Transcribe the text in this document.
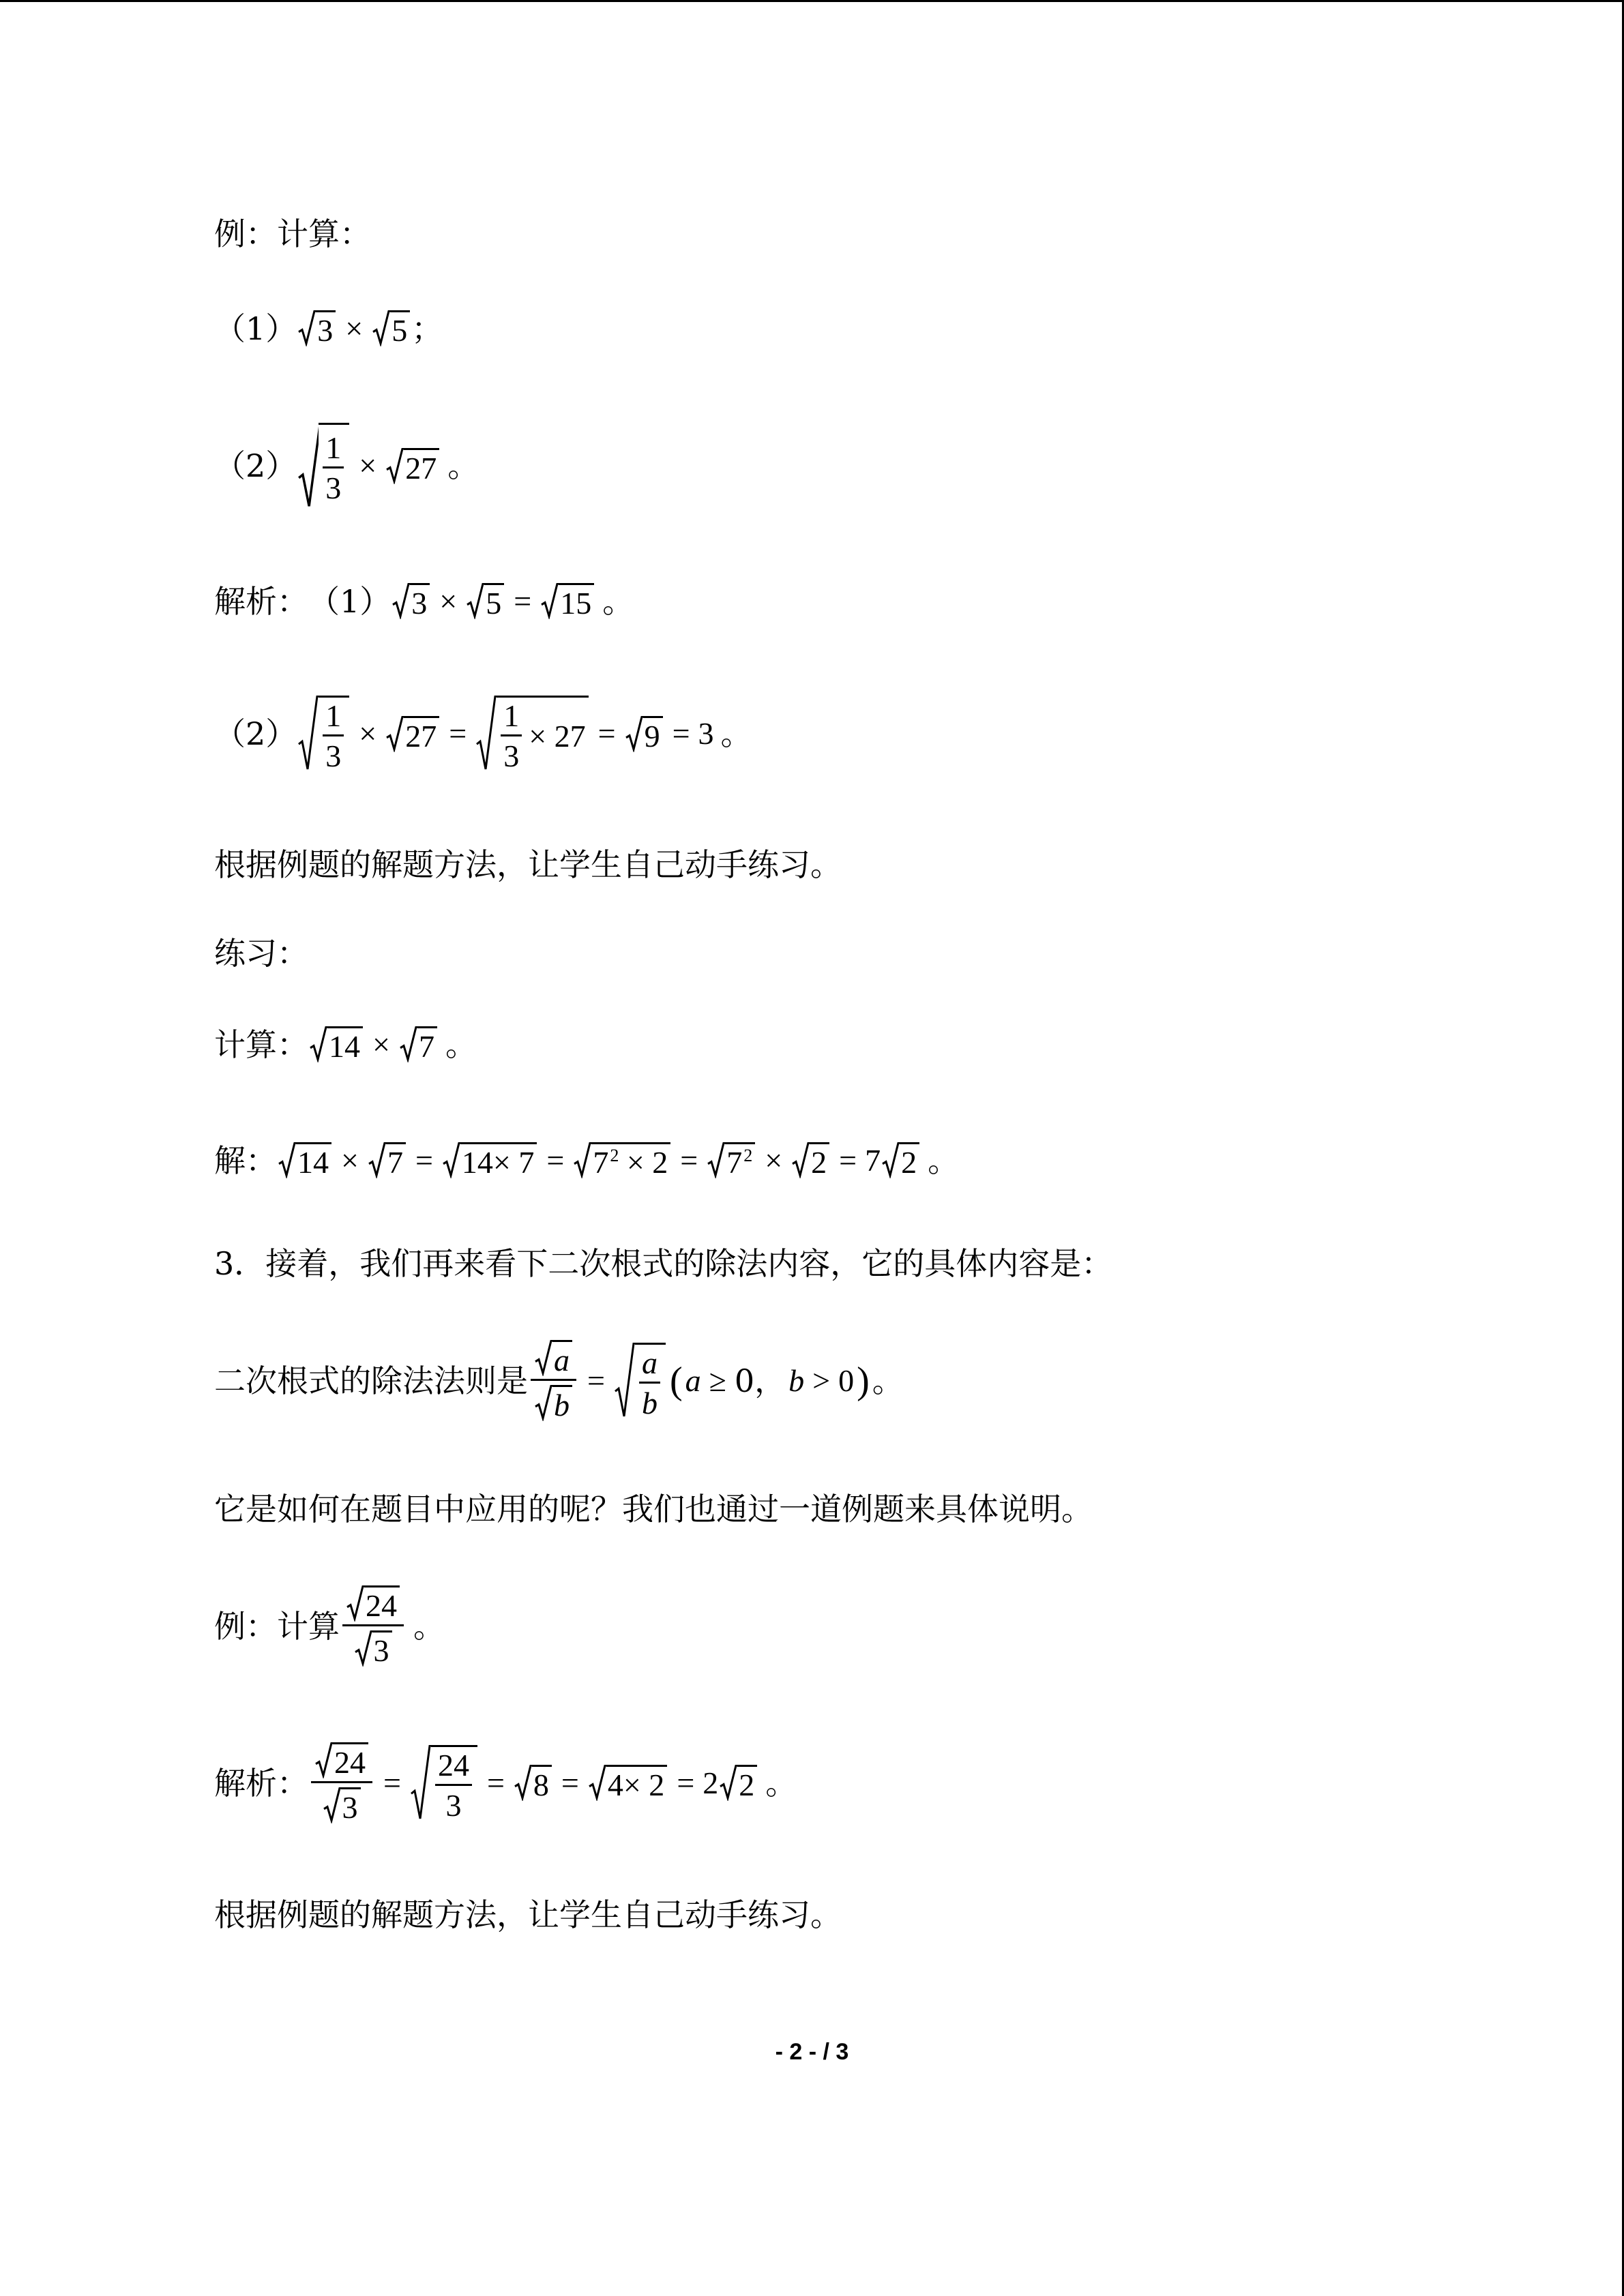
例：计算：
（1） 3 × 5 ；
$(2) \frac{1}{3} \times 27$ 。
解析： （1） 3 × 5 = 15 。
$(2) \frac{1}{3} \times 27 = \frac{1}{3} \times 27 = 9 = 3$ 。
根据例题的解题方法，让学生自己动手练习。
练习：
计算： 14 × 7 。
解： $14 \times 7 = 14\times 7 = 7^2 \times 2 = 7^2 \times 2 = 7$ 2 。
3．接着，我们再来看下二次根式的除法内容，它的具体内容是：
二次根式的除法法则是 $\frac{a}{b} = \frac{a}{b}$ ( a ≥ 0， b > 0 ) 。
它是如何在题目中应用的呢？我们也通过一道例题来具体说明。
例：计算 $\frac{24}{3}$ 。
解析： $\frac{24}{3} = \frac{24}{3} = 8 = 4\times 2 = 2$ 2 。
根据例题的解题方法，让学生自己动手练习。
- 2 - / 3
